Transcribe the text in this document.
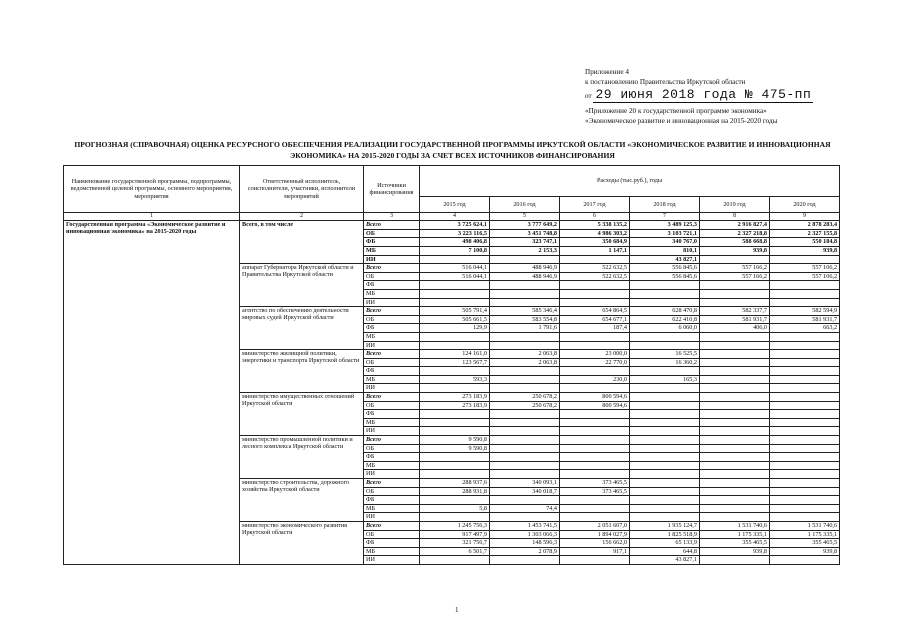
Приложение 4
к постановлению Правительства Иркутской области
от 29 июня 2018 года № 475-пп
«Приложение 20 к государственной программе экономика»
«Экономическое развитие и инновационная на 2015-2020 годы
ПРОГНОЗНАЯ (СПРАВОЧНАЯ) ОЦЕНКА РЕСУРСНОГО ОБЕСПЕЧЕНИЯ РЕАЛИЗАЦИИ ГОСУДАРСТВЕННОЙ ПРОГРАММЫ ИРКУТСКОЙ ОБЛАСТИ «ЭКОНОМИЧЕСКОЕ РАЗВИТИЕ И ИННОВАЦИОННАЯ ЭКОНОМИКА» НА 2015-2020 ГОДЫ ЗА СЧЕТ ВСЕХ ИСТОЧНИКОВ ФИНАНСИРОВАНИЯ
Наименование государственной программы, подпрограммы, ведомственной целевой программы, основного мероприятия, мероприятия	Ответственный исполнитель, соисполнители, участники, исполнители мероприятий	Источники финансирования	Расходы (тыс.руб.), годы					
			2015 год	2016 год	2017 год	2018 год	2019 год	2020 год
1	2	3	4	5	6	7	8	9
Государственная программа «Экономическое развитие и инновационная экономика» на 2015-2020 годы	Всего, в том числе	Всего	3 725 624,1	3 777 649,2	5 338 135,2	3 489 125,3	2 916 827,4	2 878 283,4
		ОБ	3 223 116,5	3 451 748,8	4 986 303,2	3 103 721,1	2 327 218,8	2 327 155,8
		ФБ	498 406,8	323 747,1	350 684,9	340 767,0	588 668,8	550 184,8
		МБ	7 100,8	2 153,3	1 147,1	810,1	939,8	939,8
		ИИ				43 827,1		
	аппарат Губернатора Иркутской области и Правительства Иркутской области	Всего	516 044,1	488 946,9	522 632,5	556 845,6	557 166,2	557 106,2
		ОБ	516 044,1	488 946,9	522 632,5	556 845,6	557 166,2	557 106,2
		ФБ						
		МБ						
		ИИ						
	агентство по обеспечению деятельности мировых судей Иркутской области	Всего	505 791,4	585 346,4	654 864,5	628 470,8	582 337,7	582 594,9
		ОБ	505 661,5	583 554,8	654 677,1	622 410,8	581 931,7	581 931,7
		ФБ	129,9	1 791,6	187,4	6 060,0	406,0	663,2
		МБ						
		ИИ						
	министерство жилищной политики, энергетики и транспорта Иркутской области	Всего	124 161,0	2 063,8	23 000,0	16 525,5		
		ОБ	123 567,7	2 063,8	22 770,0	16 360,2		
		ФБ						
		МБ	593,3		230,0	165,3		
		ИИ						
	министерство имущественных отношений Иркутской области	Всего	273 183,9	250 678,2	800 594,6			
		ОБ	273 183,9	250 678,2	800 594,6			
		ФБ						
		МБ						
		ИИ						
	министерство промышленной политики и лесного комплекса Иркутской области	Всего	9 590,8					
		ОБ	9 590,8					
		ФБ						
		МБ						
		ИИ						
	министерство строительства, дорожного хозяйства Иркутской области	Всего	288 937,6	340 093,1	373 465,5			
		ОБ	288 931,8	340 018,7	373 465,5			
		ФБ						
		МБ	5,8	74,4				
		ИИ						
	министерство экономического развития Иркутской области	Всего	1 245 756,3	1 453 741,5	2 051 607,0	1 935 124,7	1 531 740,6	1 531 740,6
		ОБ	917 497,9	1 303 066,3	1 894 027,9	1 825 518,9	1 175 335,1	1 175 335,1
		ФБ	321 756,7	148 596,3	156 662,0	65 133,9	355 465,5	355 465,5
		МБ	6 501,7	2 078,9	917,1	644,8	939,8	939,8
		ИИ				43 827,1		
1
